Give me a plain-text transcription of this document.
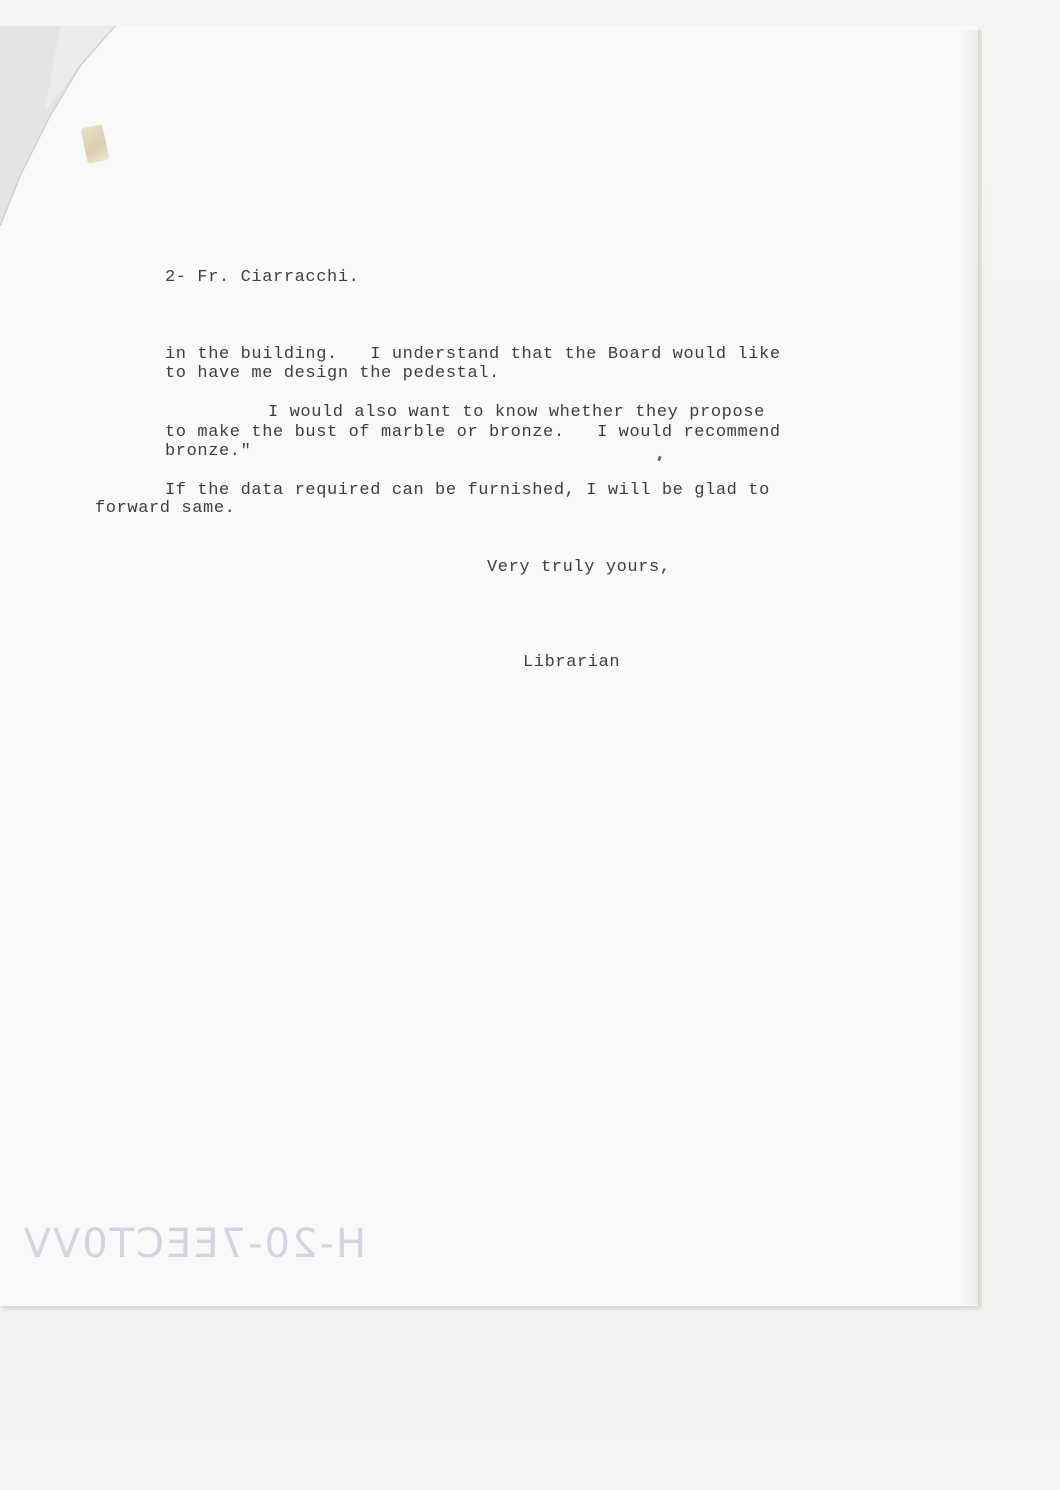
2- Fr. Ciarracchi.

in the building.   I understand that the Board would like

to have me design the pedestal.

I would also want to know whether they propose

to make the bust of marble or bronze.   I would recommend

bronze."

If the data required can be furnished, I will be glad to

forward same.

Very truly yours,

Librarian

H-20-7EECT0VV
